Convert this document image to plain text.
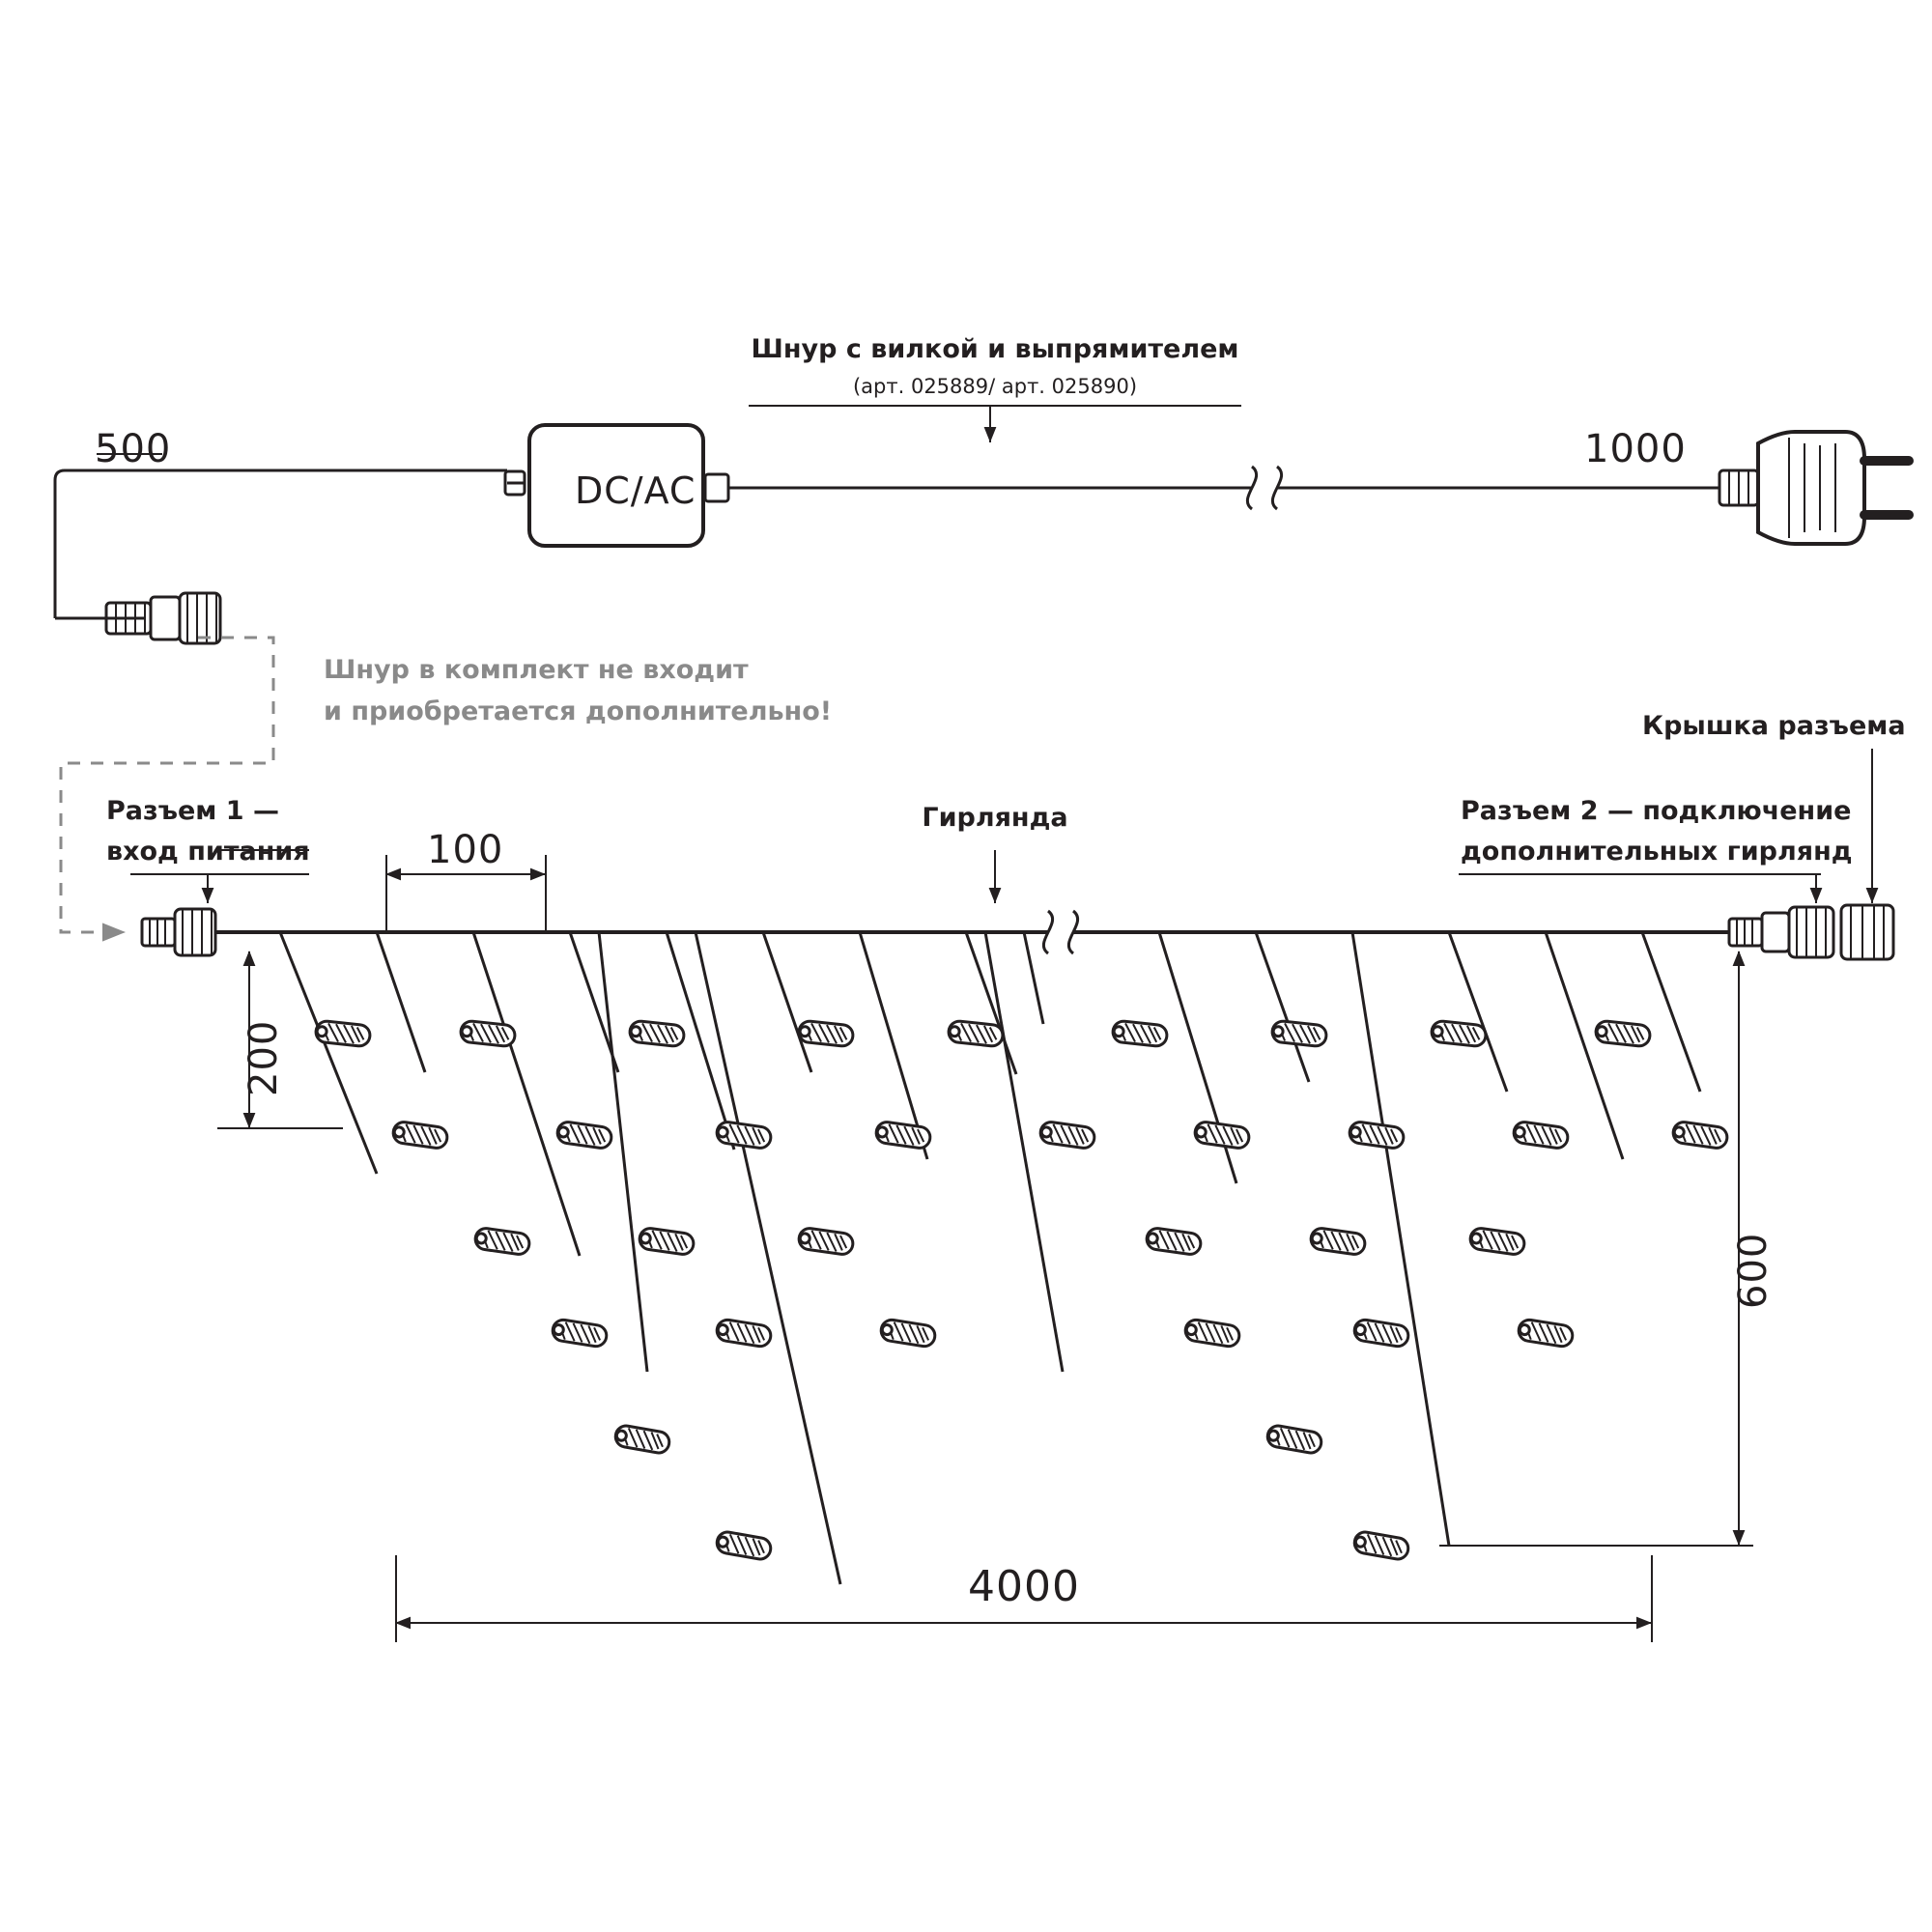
Шнур с вилкой и выпрямителем
(арт. 025889/ арт. 025890)
500	1000
DC/AC
Шнур в комплект не входит
и приобретается дополнительно!
Разъем 1 —
вход питания
Гирлянда	Разъем 2 — подключение
дополнительных гирлянд
Крышка разъема
100
200
600
4000
